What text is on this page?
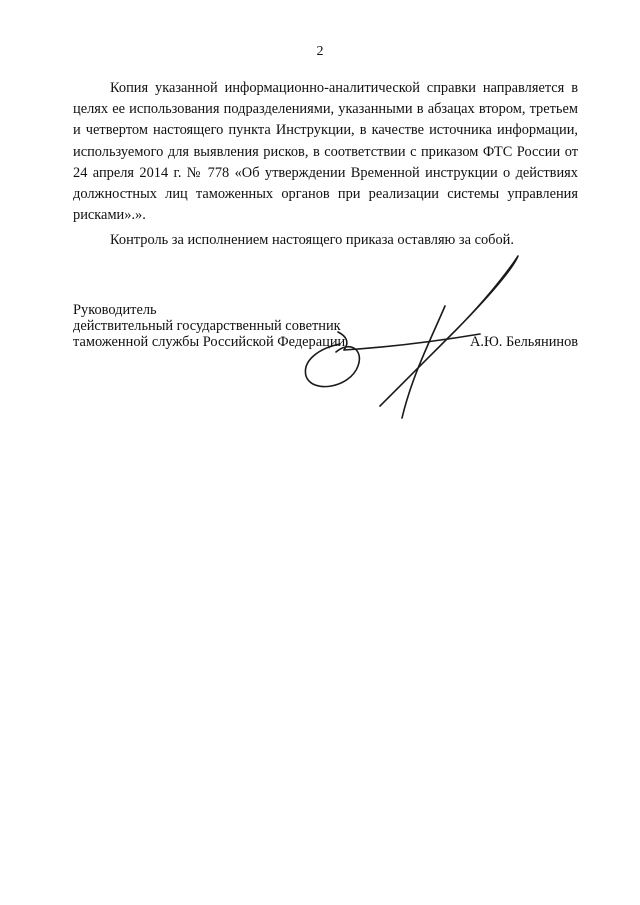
2

Копия указанной информационно-аналитической справки направляется в целях ее использования подразделениями, указанными в абзацах втором, третьем и четвертом настоящего пункта Инструкции, в качестве источника информации, используемого для выявления рисков, в соответствии с приказом ФТС России от 24 апреля 2014 г. № 778 «Об утверждении Временной инструкции о действиях должностных лиц таможенных органов при реализации системы управления рисками».».

Контроль за исполнением настоящего приказа оставляю за собой.

Руководитель
действительный государственный советник
таможенной службы Российской Федерации	А.Ю. Бельянинов
